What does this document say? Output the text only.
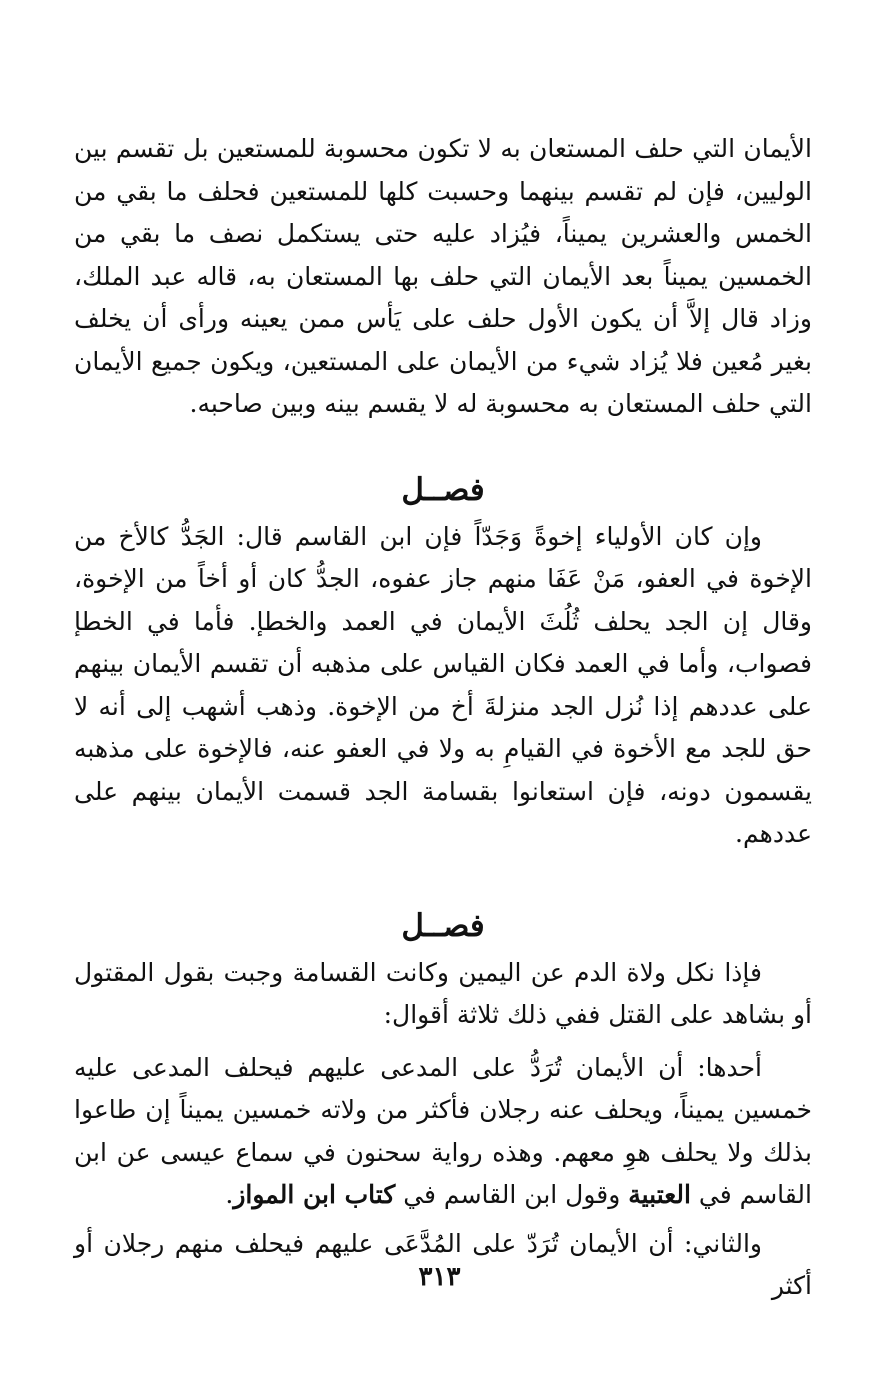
الأيمان التي حلف المستعان به لا تكون محسوبة للمستعين بل تقسم بين الوليين، فإن لم تقسم بينهما وحسبت كلها للمستعين فحلف ما بقي من الخمس والعشرين يميناً، فيُزاد عليه حتى يستكمل نصف ما بقي من الخمسين يميناً بعد الأيمان التي حلف بها المستعان به، قاله عبد الملك، وزاد قال إلاَّ أن يكون الأول حلف على يَأس ممن يعينه ورأى أن يخلف بغير مُعين فلا يُزاد شيء من الأيمان على المستعين، ويكون جميع الأيمان التي حلف المستعان به محسوبة له لا يقسم بينه وبين صاحبه.

فصــل

وإن كان الأولياء إخوةً وَجَدّاً فإن ابن القاسم قال: الجَدُّ كالأخ من الإخوة في العفو، مَنْ عَفَا منهم جاز عفوه، الجدُّ كان أو أخاً من الإخوة، وقال إن الجد يحلف ثُلُثَ الأيمان في العمد والخطإ. فأما في الخطإ فصواب، وأما في العمد فكان القياس على مذهبه أن تقسم الأيمان بينهم على عددهم إذا نُزل الجد منزلةَ أخ من الإخوة. وذهب أشهب إلى أنه لا حق للجد مع الأخوة في القيامِ به ولا في العفو عنه، فالإخوة على مذهبه يقسمون دونه، فإن استعانوا بقسامة الجد قسمت الأيمان بينهم على عددهم.

فصــل

فإذا نكل ولاة الدم عن اليمين وكانت القسامة وجبت بقول المقتول أو بشاهد على القتل ففي ذلك ثلاثة أقوال:

أحدها: أن الأيمان تُرَدُّ على المدعى عليهم فيحلف المدعى عليه خمسين يميناً، ويحلف عنه رجلان فأكثر من ولاته خمسين يميناً إن طاعوا بذلك ولا يحلف هوِ معهم. وهذه رواية سحنون في سماع عيسى عن ابن القاسم في العتبية وقول ابن القاسم في كتاب ابن المواز.

والثاني: أن الأيمان تُرَدّ على المُدَّعَى عليهم فيحلف منهم رجلان أو أكثر

٣١٣
